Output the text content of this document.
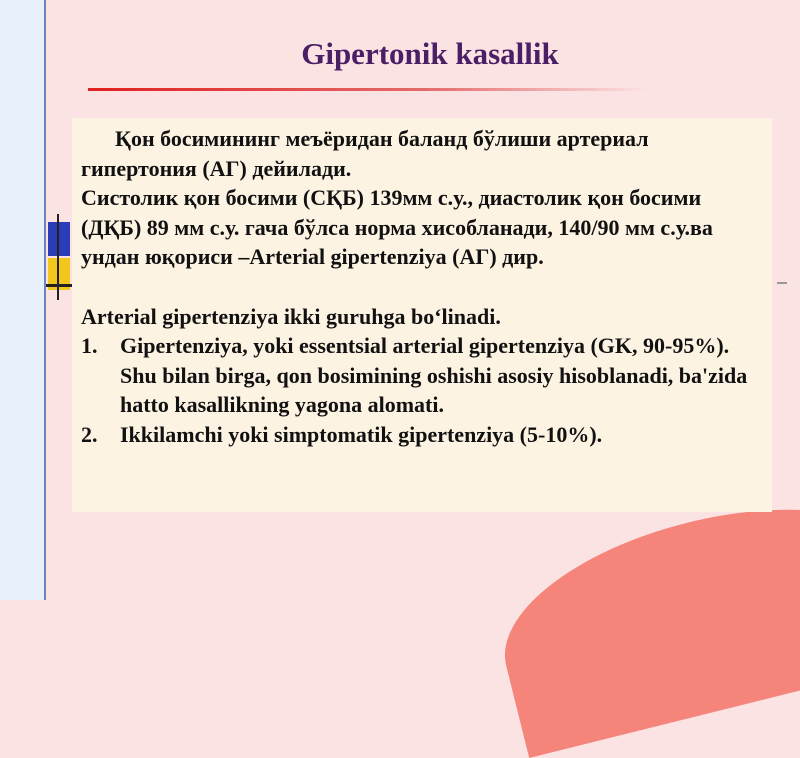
Gipertonik kasallik

Қон босимининг меъёридан баланд бўлиши артериал гипертония (АГ) дейилади.

Систолик қон босими (СҚБ) 139мм с.у., диастолик қон босими (ДҚБ) 89 мм с.у. гача бўлса норма хисобланади, 140/90 мм с.у.ва ундан юқориси –Arterial gipertenziya (АГ) дир.

Arterial gipertenziya ikki guruhga bo‘linadi.

1.	Gipertenziya, yoki essentsial arterial gipertenziya (GK, 90-95%). Shu bilan birga, qon bosimining oshishi asosiy hisoblanadi, ba'zida hatto kasallikning yagona alomati.
2.	Ikkilamchi yoki simptomatik gipertenziya (5-10%).
